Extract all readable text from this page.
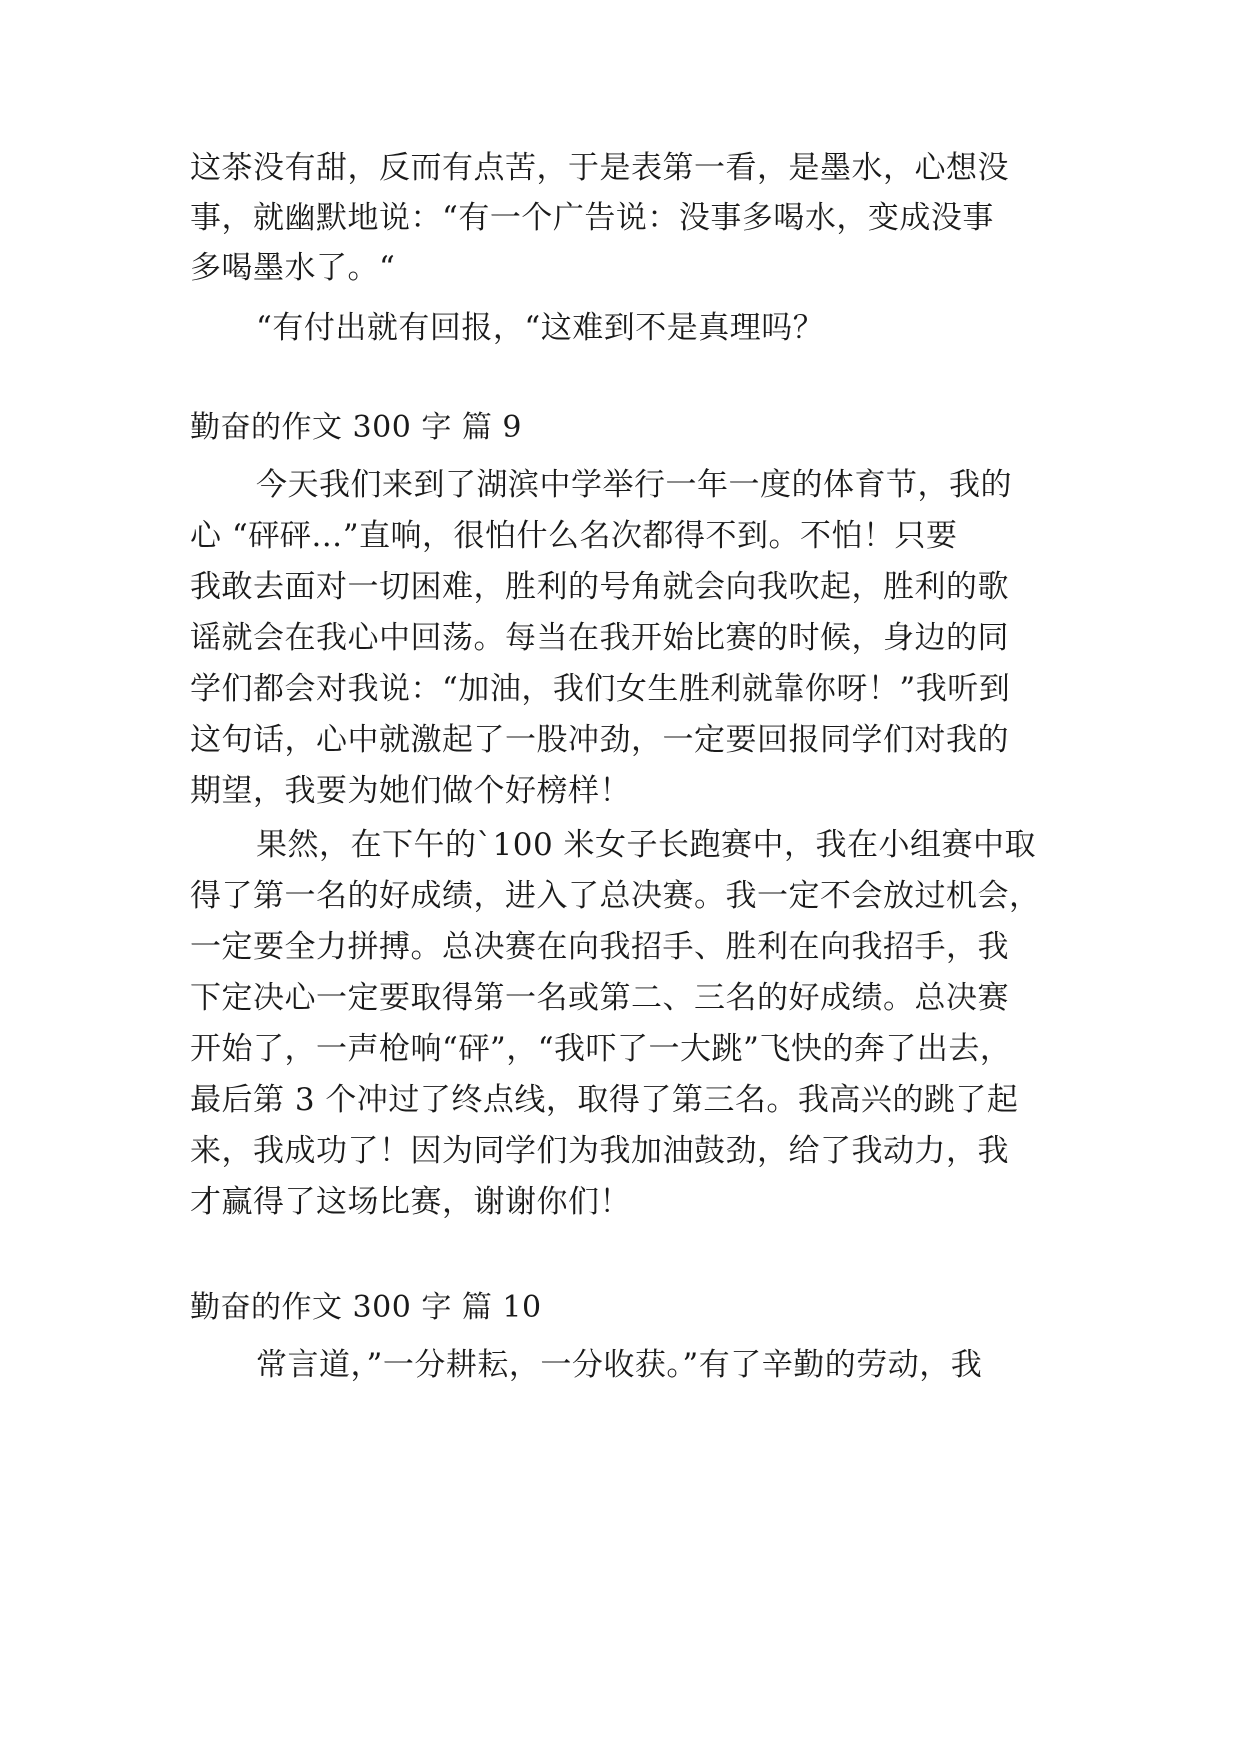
这茶没有甜，反而有点苦，于是表第一看，是墨水，心想没
事，就幽默地说：“有一个广告说：没事多喝水，变成没事
多喝墨水了。“
“有付出就有回报，“这难到不是真理吗？
勤奋的作文 300 字 篇 9
今天我们来到了湖滨中学举行一年一度的体育节，我的
心 “砰砰…”直响，很怕什么名次都得不到。不怕！只要
我敢去面对一切困难，胜利的号角就会向我吹起，胜利的歌
谣就会在我心中回荡。每当在我开始比赛的时候，身边的同
学们都会对我说：“加油，我们女生胜利就靠你呀！”我听到
这句话，心中就激起了一股冲劲，一定要回报同学们对我的
期望，我要为她们做个好榜样！
果然，在下午的`100 米女子长跑赛中，我在小组赛中取
得了第一名的好成绩，进入了总决赛。我一定不会放过机会，
一定要全力拼搏。总决赛在向我招手、胜利在向我招手，我
下定决心一定要取得第一名或第二、三名的好成绩。总决赛
开始了，一声枪响“砰”，“我吓了一大跳”飞快的奔了出去，
最后第 3 个冲过了终点线，取得了第三名。我高兴的跳了起
来，我成功了！因为同学们为我加油鼓劲，给了我动力，我
才赢得了这场比赛，谢谢你们！
勤奋的作文 300 字 篇 10
常言道，”一分耕耘，一分收获。”有了辛勤的劳动，我
